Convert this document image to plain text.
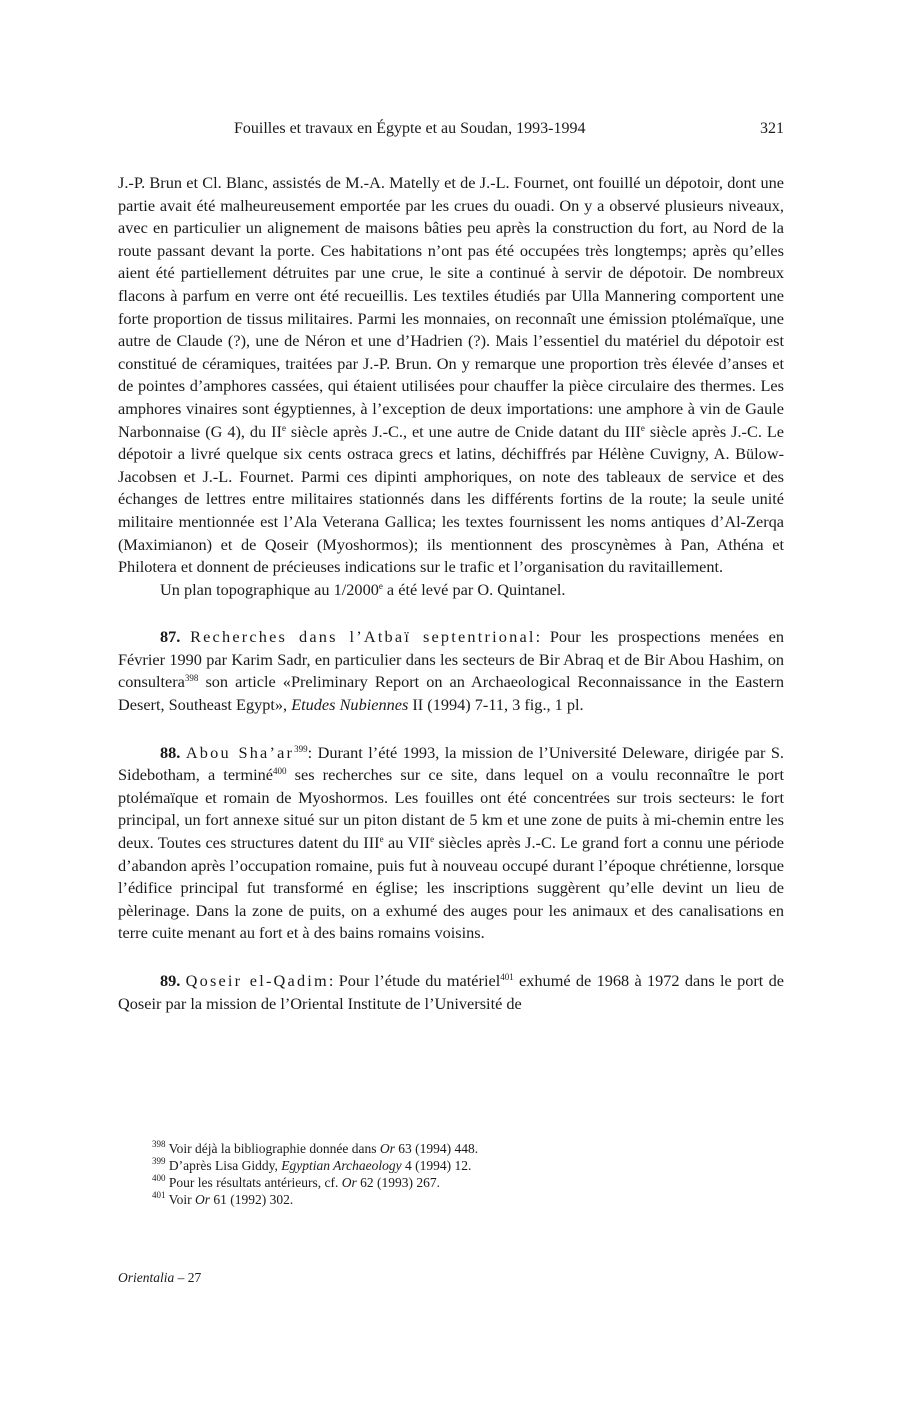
Fouilles et travaux en Égypte et au Soudan, 1993-1994	321

J.-P. Brun et Cl. Blanc, assistés de M.-A. Matelly et de J.-L. Fournet, ont fouillé un dépotoir, dont une partie avait été malheureusement emportée par les crues du ouadi. On y a observé plusieurs niveaux, avec en particulier un alignement de maisons bâties peu après la construction du fort, au Nord de la route passant devant la porte. Ces habitations n’ont pas été occupées très longtemps; après qu’elles aient été partiellement détruites par une crue, le site a continué à servir de dépotoir. De nombreux flacons à parfum en verre ont été recueillis. Les textiles étudiés par Ulla Mannering comportent une forte proportion de tissus militaires. Parmi les monnaies, on reconnaît une émission ptolémaïque, une autre de Claude (?), une de Néron et une d’Hadrien (?). Mais l’essentiel du matériel du dépotoir est constitué de céramiques, traitées par J.-P. Brun. On y remarque une proportion très élevée d’anses et de pointes d’amphores cassées, qui étaient utilisées pour chauffer la pièce circulaire des thermes. Les amphores vinaires sont égyptiennes, à l’exception de deux importations: une amphore à vin de Gaule Narbonnaise (G 4), du IIe siècle après J.-C., et une autre de Cnide datant du IIIe siècle après J.-C. Le dépotoir a livré quelque six cents ostraca grecs et latins, déchiffrés par Hélène Cuvigny, A. Bülow-Jacobsen et J.-L. Fournet. Parmi ces dipinti amphoriques, on note des tableaux de service et des échanges de lettres entre militaires stationnés dans les différents fortins de la route; la seule unité militaire mentionnée est l’Ala Veterana Gallica; les textes fournissent les noms antiques d’Al-Zerqa (Maximianon) et de Qoseir (Myoshormos); ils mentionnent des proscynèmes à Pan, Athéna et Philotera et donnent de précieuses indications sur le trafic et l’organisation du ravitaillement.

Un plan topographique au 1/2000e a été levé par O. Quintanel.

87. Recherches dans l’Atbaï septentrional: Pour les prospections menées en Février 1990 par Karim Sadr, en particulier dans les secteurs de Bir Abraq et de Bir Abou Hashim, on consultera$^{398}$ son article «Preliminary Report on an Archaeological Reconnaissance in the Eastern Desert, Southeast Egypt», Etudes Nubiennes II (1994) 7-11, 3 fig., 1 pl.

88. Abou $Sha’ar^{399}$: Durant l’été 1993, la mission de l’Université Deleware, dirigée par S. Sidebotham, a terminé$^{400}$ ses recherches sur ce site, dans lequel on a voulu reconnaître le port ptolémaïque et romain de Myoshormos. Les fouilles ont été concentrées sur trois secteurs: le fort principal, un fort annexe situé sur un piton distant de 5 km et une zone de puits à mi-chemin entre les deux. Toutes ces structures datent du IIIe au VIIe siècles après J.-C. Le grand fort a connu une période d’abandon après l’occupation romaine, puis fut à nouveau occupé durant l’époque chrétienne, lorsque l’édifice principal fut transformé en église; les inscriptions suggèrent qu’elle devint un lieu de pèlerinage. Dans la zone de puits, on a exhumé des auges pour les animaux et des canalisations en terre cuite menant au fort et à des bains romains voisins.

89. Qoseir el-Qadim: Pour l’étude du matériel$^{401}$ exhumé de 1968 à 1972 dans le port de Qoseir par la mission de l’Oriental Institute de l’Université de

$^{398}$ Voir déjà la bibliographie donnée dans Or 63 (1994) 448.
$^{399}$ D’après Lisa Giddy, Egyptian Archaeology 4 (1994) 12.
$^{400}$ Pour les résultats antérieurs, cf. Or 62 (1993) 267.
$^{401}$ Voir Or 61 (1992) 302.
Orientalia – 27
